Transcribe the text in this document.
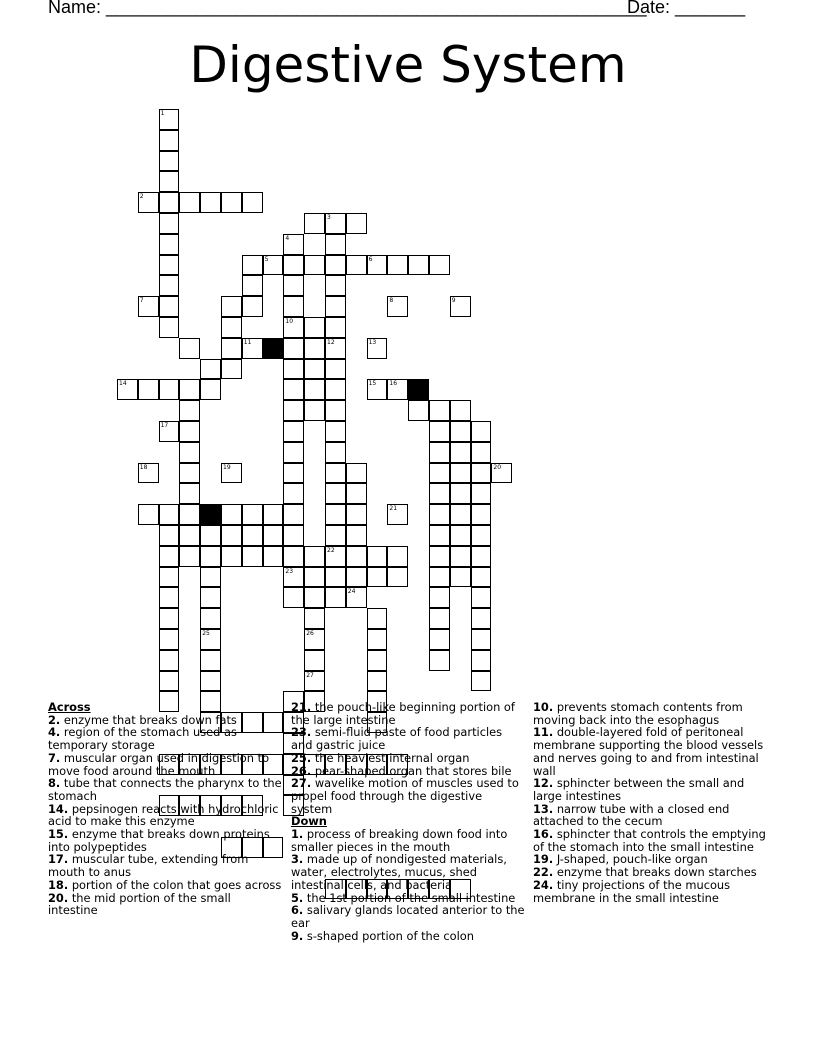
Name: ______________________________________________________
Date: _______
Digestive System
1
2
3
12
22
4
10
23
5	6
14
24
25	26
27
7	8	9
11	13
15 16
17
18	19	20
21
Across

2. enzyme that breaks down fats

4. region of the stomach used as temporary storage

7. muscular organ used in digestion to move food around the mouth

8. tube that connects the pharynx to the stomach

14. pepsinogen reacts with hydrochloric acid to make this enzyme

15. enzyme that breaks down proteins into polypeptides

17. muscular tube, extending from mouth to anus

18. portion of the colon that goes across

20. the mid portion of the small intestine

21. the pouch-like beginning portion of the large intestine

23. semi-fluid paste of food particles and gastric juice

25. the heaviest internal organ

26. pear-shaped organ that stores bile

27. wavelike motion of muscles used to propel food through the digestive system

Down

1. process of breaking down food into smaller pieces in the mouth

3. made up of nondigested materials, water, electrolytes, mucus, shed intestinal cells, and bacteria

5. the 1st portion of the small intestine

6. salivary glands located anterior to the ear

9. s-shaped portion of the colon

10. prevents stomach contents from moving back into the esophagus

11. double-layered fold of peritoneal membrane supporting the blood vessels and nerves going to and from intestinal wall

12. sphincter between the small and large intestines

13. narrow tube with a closed end attached to the cecum

16. sphincter that controls the emptying of the stomach into the small intestine

19. J-shaped, pouch-like organ

22. enzyme that breaks down starches

24. tiny projections of the mucous membrane in the small intestine
